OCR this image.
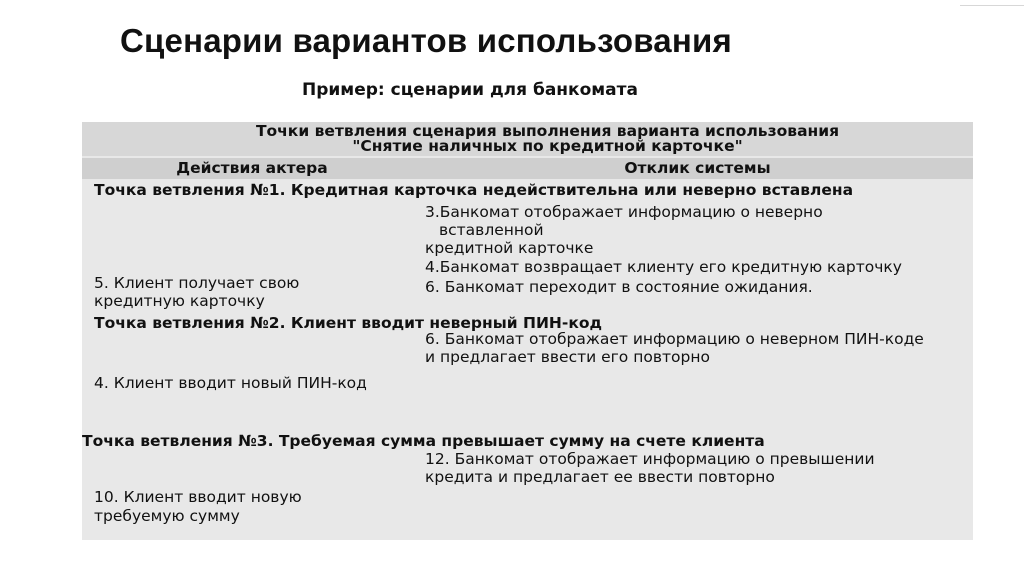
Сценарии вариантов использования
Пример: сценарии для банкомата
Точки ветвления сценария выполнения варианта использования
"Снятие наличных по кредитной карточке"
Действия актера	Отклик системы
Точка ветвления №1. Кредитная карточка недействительна или неверно вставлена
3.Банкомат отображает информацию о неверно
вставленной
кредитной карточке
4.Банкомат возвращает клиенту его кредитную карточку
5. Клиент получает свою
кредитную карточку
6. Банкомат переходит в состояние ожидания.
Точка ветвления №2. Клиент вводит неверный ПИН-код
6. Банкомат отображает информацию о неверном ПИН-коде
и предлагает ввести его повторно
4. Клиент вводит новый ПИН-код
Точка ветвления №3. Требуемая сумма превышает сумму на счете клиента
12. Банкомат отображает информацию о превышении
кредита и предлагает ее ввести повторно
10. Клиент вводит новую
требуемую сумму
